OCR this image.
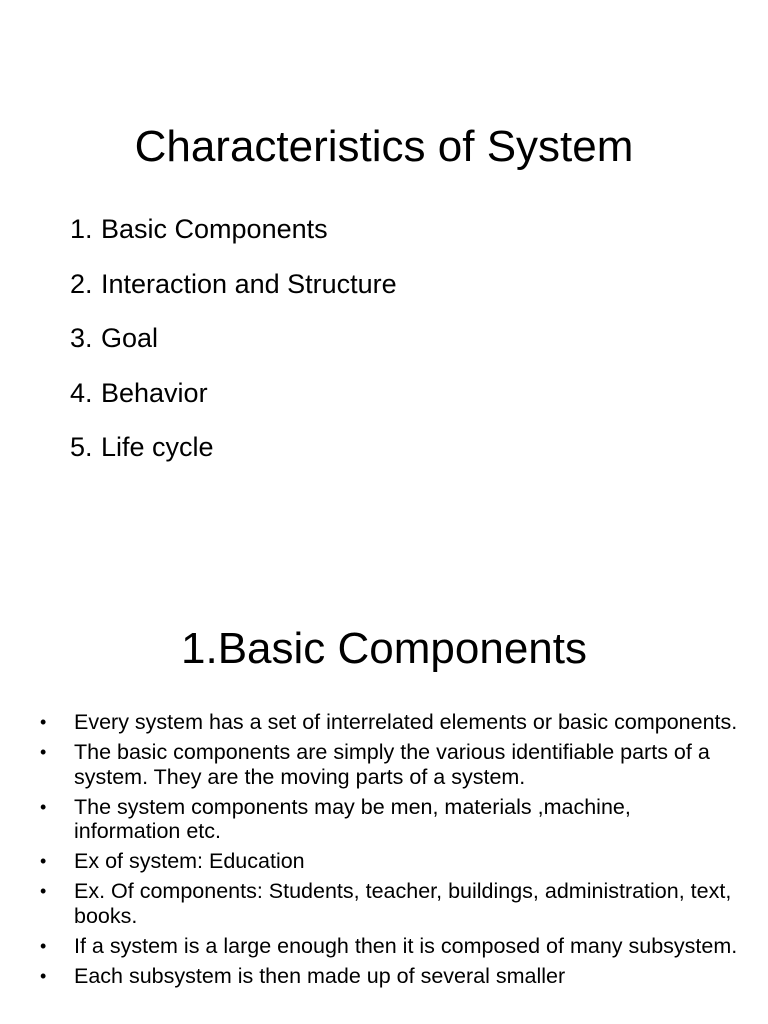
Characteristics of System
1. Basic Components
2. Interaction and Structure
3. Goal
4. Behavior
5. Life cycle
1.Basic Components
•	Every system has a set of interrelated elements or basic components.
•	The basic components are simply the various identifiable parts of a system. They are the moving parts of a system.
•	The system components may be men, materials ,machine, information etc.
•	Ex of system: Education
•	Ex. Of components: Students, teacher, buildings, administration, text, books.
•	If a system is a large enough then it is composed of many subsystem.
•	Each subsystem is then made up of several smaller
